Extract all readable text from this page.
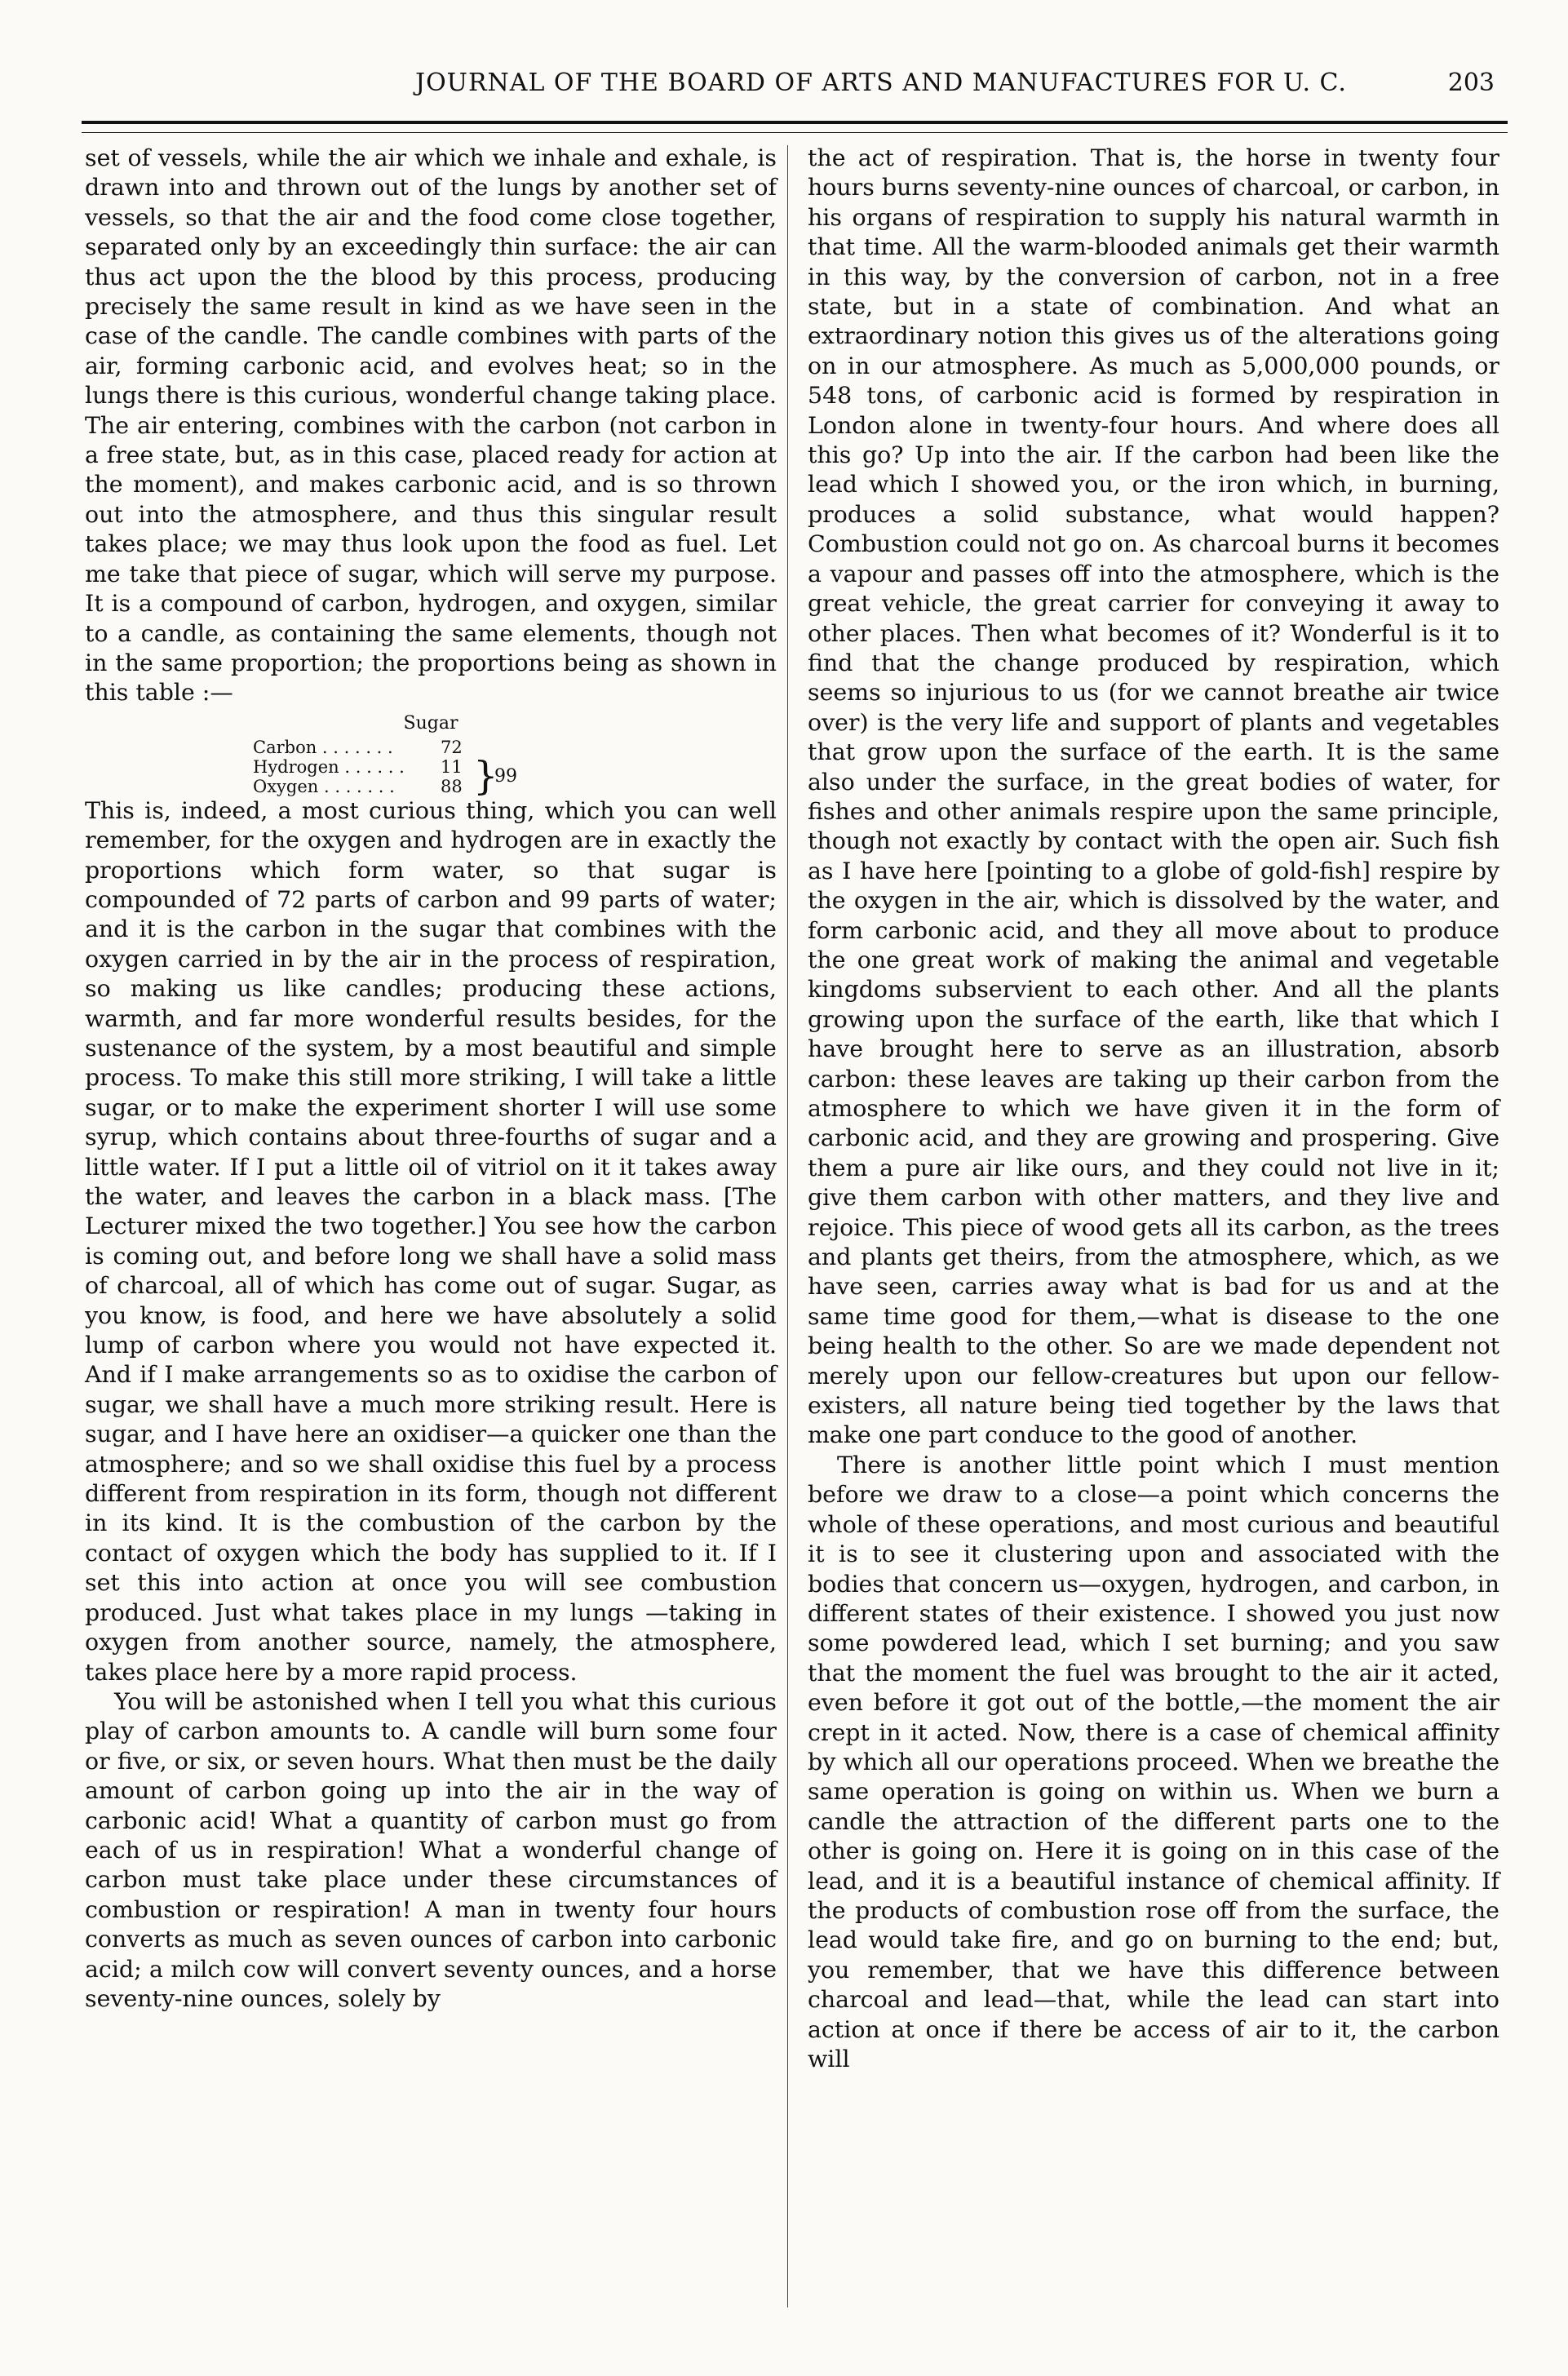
JOURNAL OF THE BOARD OF ARTS AND MANUFACTURES FOR U. C.	203

set of vessels, while the air which we inhale and exhale, is drawn into and thrown out of the lungs by another set of vessels, so that the air and the food come close together, separated only by an exceedingly thin surface: the air can thus act upon the the blood by this process, producing precisely the same result in kind as we have seen in the case of the candle. The candle combines with parts of the air, forming carbonic acid, and evolves heat; so in the lungs there is this curious, wonderful change taking place. The air entering, combines with the carbon (not carbon in a free state, but, as in this case, placed ready for action at the moment), and makes carbonic acid, and is so thrown out into the atmosphere, and thus this singular result takes place; we may thus look upon the food as fuel. Let me take that piece of sugar, which will serve my purpose. It is a compound of carbon, hydrogen, and oxygen, similar to a candle, as containing the same elements, though not in the same proportion; the proportions being as shown in this table :—

Sugar
Carbon . . . . . . .	72
Hydrogen . . . . . .	11
Oxygen . . . . . . .	88 }
99

This is, indeed, a most curious thing, which you can well remember, for the oxygen and hydrogen are in exactly the proportions which form water, so that sugar is compounded of 72 parts of carbon and 99 parts of water; and it is the carbon in the sugar that combines with the oxygen carried in by the air in the process of respiration, so making us like candles; producing these actions, warmth, and far more wonderful results besides, for the sustenance of the system, by a most beautiful and simple process. To make this still more striking, I will take a little sugar, or to make the experiment shorter I will use some syrup, which contains about three-fourths of sugar and a little water. If I put a little oil of vitriol on it it takes away the water, and leaves the carbon in a black mass. [The Lecturer mixed the two together.] You see how the carbon is coming out, and before long we shall have a solid mass of charcoal, all of which has come out of sugar. Sugar, as you know, is food, and here we have absolutely a solid lump of carbon where you would not have expected it. And if I make arrangements so as to oxidise the carbon of sugar, we shall have a much more striking result. Here is sugar, and I have here an oxidiser—a quicker one than the atmosphere; and so we shall oxidise this fuel by a process different from respiration in its form, though not different in its kind. It is the combustion of the carbon by the contact of oxygen which the body has supplied to it. If I set this into action at once you will see combustion produced. Just what takes place in my lungs —taking in oxygen from another source, namely, the atmosphere, takes place here by a more rapid process.

You will be astonished when I tell you what this curious play of carbon amounts to. A candle will burn some four or five, or six, or seven hours. What then must be the daily amount of carbon going up into the air in the way of carbonic acid! What a quantity of carbon must go from each of us in respiration! What a wonderful change of carbon must take place under these circumstances of combustion or respiration! A man in twenty four hours converts as much as seven ounces of carbon into carbonic acid; a milch cow will convert seventy ounces, and a horse seventy-nine ounces, solely by

the act of respiration. That is, the horse in twenty four hours burns seventy-nine ounces of charcoal, or carbon, in his organs of respiration to supply his natural warmth in that time. All the warm-blooded animals get their warmth in this way, by the conversion of carbon, not in a free state, but in a state of combination. And what an extraordinary notion this gives us of the alterations going on in our atmosphere. As much as 5,000,000 pounds, or 548 tons, of carbonic acid is formed by respiration in London alone in twenty-four hours. And where does all this go? Up into the air. If the carbon had been like the lead which I showed you, or the iron which, in burning, produces a solid substance, what would happen? Combustion could not go on. As charcoal burns it becomes a vapour and passes off into the atmosphere, which is the great vehicle, the great carrier for conveying it away to other places. Then what becomes of it? Wonderful is it to find that the change produced by respiration, which seems so injurious to us (for we cannot breathe air twice over) is the very life and support of plants and vegetables that grow upon the surface of the earth. It is the same also under the surface, in the great bodies of water, for fishes and other animals respire upon the same principle, though not exactly by contact with the open air. Such fish as I have here [pointing to a globe of gold-fish] respire by the oxygen in the air, which is dissolved by the water, and form carbonic acid, and they all move about to produce the one great work of making the animal and vegetable kingdoms subservient to each other. And all the plants growing upon the surface of the earth, like that which I have brought here to serve as an illustration, absorb carbon: these leaves are taking up their carbon from the atmosphere to which we have given it in the form of carbonic acid, and they are growing and prospering. Give them a pure air like ours, and they could not live in it; give them carbon with other matters, and they live and rejoice. This piece of wood gets all its carbon, as the trees and plants get theirs, from the atmosphere, which, as we have seen, carries away what is bad for us and at the same time good for them,—what is disease to the one being health to the other. So are we made dependent not merely upon our fellow-creatures but upon our fellow-existers, all nature being tied together by the laws that make one part conduce to the good of another.

There is another little point which I must mention before we draw to a close—a point which concerns the whole of these operations, and most curious and beautiful it is to see it clustering upon and associated with the bodies that concern us—oxygen, hydrogen, and carbon, in different states of their existence. I showed you just now some powdered lead, which I set burning; and you saw that the moment the fuel was brought to the air it acted, even before it got out of the bottle,—the moment the air crept in it acted. Now, there is a case of chemical affinity by which all our operations proceed. When we breathe the same operation is going on within us. When we burn a candle the attraction of the different parts one to the other is going on. Here it is going on in this case of the lead, and it is a beautiful instance of chemical affinity. If the products of combustion rose off from the surface, the lead would take fire, and go on burning to the end; but, you remember, that we have this difference between charcoal and lead—that, while the lead can start into action at once if there be access of air to it, the carbon will
